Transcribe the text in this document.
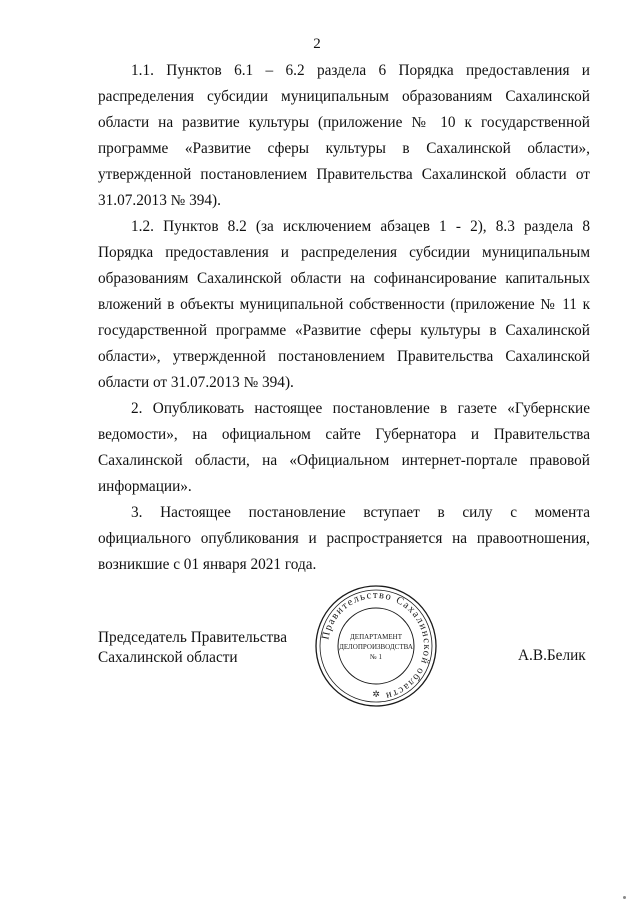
2

1.1. Пунктов 6.1 – 6.2 раздела 6 Порядка предоставления и распределения субсидии муниципальным образованиям Сахалинской области на развитие культуры (приложение № 10 к государственной программе «Развитие сферы культуры в Сахалинской области», утвержденной постановлением Правительства Сахалинской области от 31.07.2013 № 394).

1.2. Пунктов 8.2 (за исключением абзацев 1 - 2), 8.3 раздела 8 Порядка предоставления и распределения субсидии муниципальным образованиям Сахалинской области на софинансирование капитальных вложений в объекты муниципальной собственности (приложение № 11 к государственной программе «Развитие сферы культуры в Сахалинской области», утвержденной постановлением Правительства Сахалинской области от 31.07.2013 № 394).

2. Опубликовать настоящее постановление в газете «Губернские ведомости», на официальном сайте Губернатора и Правительства Сахалинской области, на «Официальном интернет-портале правовой информации».

3. Настоящее постановление вступает в силу с момента официального опубликования и распространяется на правоотношения, возникшие с 01 января 2021 года.

Председатель Правительства
Сахалинской области
Правительство Сахалинской области
ДЕПАРТАМЕНТ
ДЕЛОПРОИЗВОДСТВА
№ 1
✲
А.В.Белик
